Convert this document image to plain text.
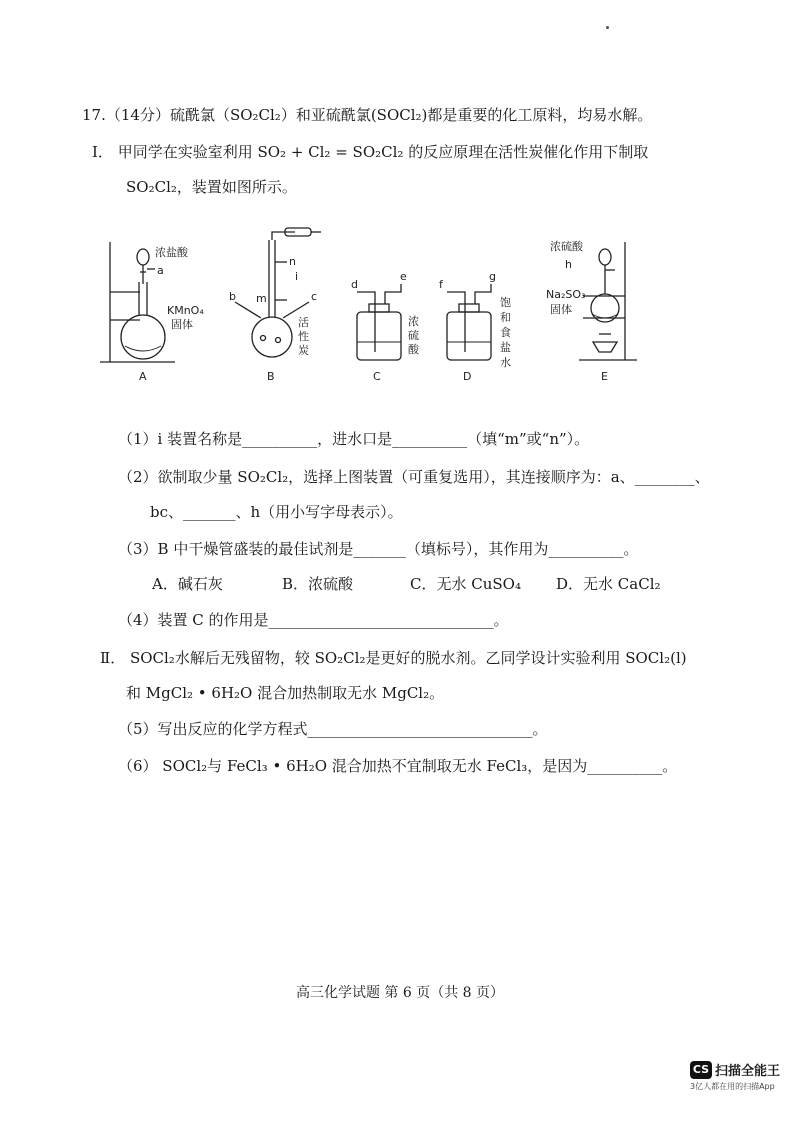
17.（14分）硫酰氯（SO₂Cl₂）和亚硫酰氯(SOCl₂)都是重要的化工原料，均易水解。
Ⅰ． 甲同学在实验室利用 SO₂ + Cl₂ = SO₂Cl₂ 的反应原理在活性炭催化作用下制取
SO₂Cl₂，装置如图所示。
浓盐酸
a
KMnO₄
固体
A
n
i
b m	c
活
性
炭
B
d
e
浓
硫
酸
C
f
g
饱
和
食
盐
水
D
浓硫酸
h
Na₂SO₃
固体
E
（1）i 装置名称是__________，进水口是__________（填“m”或“n”）。
（2）欲制取少量 SO₂Cl₂，选择上图装置（可重复选用），其连接顺序为：a、________、
bc、_______、h（用小写字母表示）。
（3）B 中干燥管盛装的最佳试剂是_______（填标号），其作用为__________。
A．碱石灰	B．浓硫酸	C．无水 CuSO₄ D．无水 CaCl₂
（4）装置 C 的作用是______________________________。
Ⅱ． SOCl₂水解后无残留物，较 SO₂Cl₂是更好的脱水剂。乙同学设计实验利用 SOCl₂(l)
和 MgCl₂ • 6H₂O 混合加热制取无水 MgCl₂。
（5）写出反应的化学方程式______________________________。
（6） SOCl₂与 FeCl₃ • 6H₂O 混合加热不宜制取无水 FeCl₃，是因为__________。
高三化学试题 第 6 页（共 8 页）
CS 扫描全能王
3亿人都在用的扫描App
